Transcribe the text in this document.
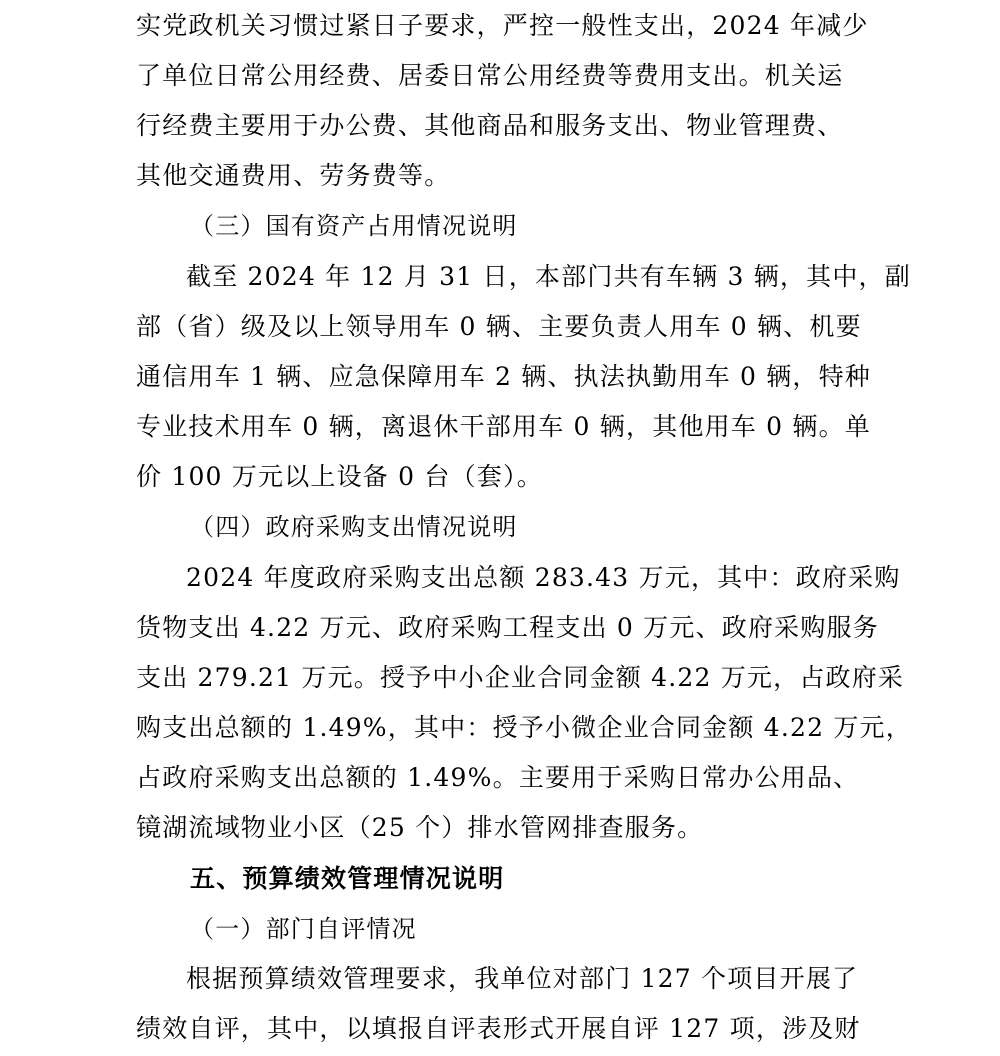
实党政机关习惯过紧日子要求，严控一般性支出，2024 年减少
了单位日常公用经费、居委日常公用经费等费用支出。机关运
行经费主要用于办公费、其他商品和服务支出、物业管理费、
其他交通费用、劳务费等。
（三）国有资产占用情况说明
截至 2024 年 12 月 31 日，本部门共有车辆 3 辆，其中，副
部（省）级及以上领导用车 0 辆、主要负责人用车 0 辆、机要
通信用车 1 辆、应急保障用车 2 辆、执法执勤用车 0 辆，特种
专业技术用车 0 辆，离退休干部用车 0 辆，其他用车 0 辆。单
价 100 万元以上设备 0 台（套）。
（四）政府采购支出情况说明
2024 年度政府采购支出总额 283.43 万元，其中：政府采购
货物支出 4.22 万元、政府采购工程支出 0 万元、政府采购服务
支出 279.21 万元。授予中小企业合同金额 4.22 万元，占政府采
购支出总额的 1.49%，其中：授予小微企业合同金额 4.22 万元，
占政府采购支出总额的 1.49%。主要用于采购日常办公用品、
镜湖流域物业小区（25 个）排水管网排查服务。
五、预算绩效管理情况说明
（一）部门自评情况
根据预算绩效管理要求，我单位对部门 127 个项目开展了
绩效自评，其中，以填报自评表形式开展自评 127 项，涉及财
